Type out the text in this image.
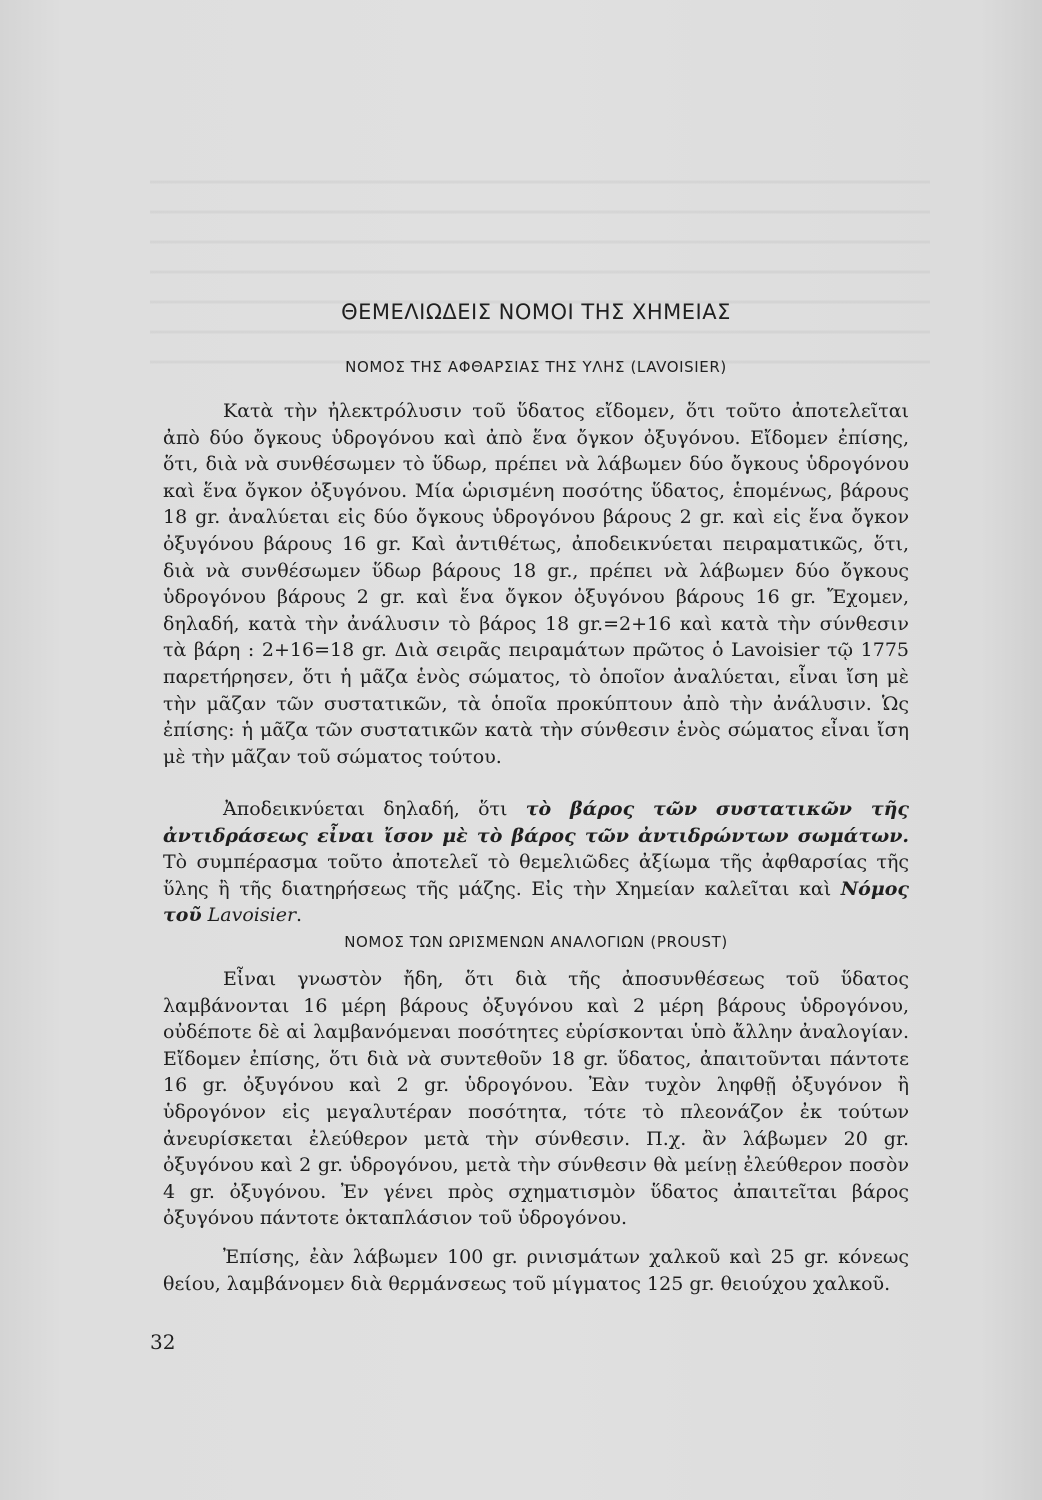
ΘΕΜΕΛΙΩΔΕΙΣ ΝΟΜΟΙ ΤΗΣ ΧΗΜΕΙΑΣ
ΝΟΜΟΣ ΤΗΣ ΑΦΘΑΡΣΙΑΣ ΤΗΣ ΥΛΗΣ (LAVOISIER)

Κατὰ τὴν ἠλεκτρόλυσιν τοῦ ὕδατος εἴδομεν, ὅτι τοῦτο ἀποτελεῖται ἀπὸ δύο ὄγκους ὑδρογόνου καὶ ἀπὸ ἕνα ὄγκον ὀξυγόνου. Εἴδομεν ἐπίσης, ὅτι, διὰ νὰ συνθέσωμεν τὸ ὕδωρ, πρέπει νὰ λάβωμεν δύο ὄγκους ὑδρογόνου καὶ ἕνα ὄγκον ὀξυγόνου. Μία ὡρισμένη ποσότης ὕδατος, ἑπομένως, βάρους 18 gr. ἀναλύεται εἰς δύο ὄγκους ὑδρογόνου βάρους 2 gr. καὶ εἰς ἕνα ὄγκον ὀξυγόνου βάρους 16 gr. Καὶ ἀντιθέτως, ἀποδεικνύεται πειραματικῶς, ὅτι, διὰ νὰ συνθέσωμεν ὕδωρ βάρους 18 gr., πρέπει νὰ λάβωμεν δύο ὄγκους ὑδρογόνου βάρους 2 gr. καὶ ἕνα ὄγκον ὀξυγόνου βάρους 16 gr. Ἔχομεν, δηλαδή, κατὰ τὴν ἀνάλυσιν τὸ βάρος 18 gr.=2+16 καὶ κατὰ τὴν σύνθεσιν τὰ βάρη : 2+16=18 gr. Διὰ σειρᾶς πειραμάτων πρῶτος ὁ Lavoisier τῷ 1775 παρετήρησεν, ὅτι ἡ μᾶζα ἑνὸς σώματος, τὸ ὁποῖον ἀναλύεται, εἶναι ἴση μὲ τὴν μᾶζαν τῶν συστατικῶν, τὰ ὁποῖα προκύπτουν ἀπὸ τὴν ἀνάλυσιν. Ὡς ἐπίσης: ἡ μᾶζα τῶν συστατικῶν κατὰ τὴν σύνθεσιν ἑνὸς σώματος εἶναι ἴση μὲ τὴν μᾶζαν τοῦ σώματος τούτου.

Ἀποδεικνύεται δηλαδή, ὅτι τὸ βάρος τῶν συστατικῶν τῆς ἀντιδράσεως εἶναι ἴσον μὲ τὸ βάρος τῶν ἀντιδρώντων σωμάτων. Τὸ συμπέρασμα τοῦτο ἀποτελεῖ τὸ θεμελιῶδες ἀξίωμα τῆς ἀφθαρσίας τῆς ὕλης ἢ τῆς διατηρήσεως τῆς μάζης. Εἰς τὴν Χημείαν καλεῖται καὶ Νόμος τοῦ Lavoisier.

ΝΟΜΟΣ ΤΩΝ ΩΡΙΣΜΕΝΩΝ ΑΝΑΛΟΓΙΩΝ (PROUST)

Εἶναι γνωστὸν ἤδη, ὅτι διὰ τῆς ἀποσυνθέσεως τοῦ ὕδατος λαμβάνονται 16 μέρη βάρους ὀξυγόνου καὶ 2 μέρη βάρους ὑδρογόνου, οὐδέποτε δὲ αἱ λαμβανόμεναι ποσότητες εὑρίσκονται ὑπὸ ἄλλην ἀναλογίαν. Εἴδομεν ἐπίσης, ὅτι διὰ νὰ συντεθοῦν 18 gr. ὕδατος, ἀπαιτοῦνται πάντοτε 16 gr. ὀξυγόνου καὶ 2 gr. ὑδρογόνου. Ἐὰν τυχὸν ληφθῇ ὀξυγόνον ἢ ὑδρογόνον εἰς μεγαλυτέραν ποσότητα, τότε τὸ πλεονάζον ἐκ τούτων ἀνευρίσκεται ἐλεύθερον μετὰ τὴν σύνθεσιν. Π.χ. ἂν λάβωμεν 20 gr. ὀξυγόνου καὶ 2 gr. ὑδρογόνου, μετὰ τὴν σύνθεσιν θὰ μείνῃ ἐλεύθερον ποσὸν 4 gr. ὀξυγόνου. Ἐν γένει πρὸς σχηματισμὸν ὕδατος ἀπαιτεῖται βάρος ὀξυγόνου πάντοτε ὀκταπλάσιον τοῦ ὑδρογόνου.

Ἐπίσης, ἐὰν λάβωμεν 100 gr. ρινισμάτων χαλκοῦ καὶ 25 gr. κόνεως θείου, λαμβάνομεν διὰ θερμάνσεως τοῦ μίγματος 125 gr. θειούχου χαλκοῦ.

32
